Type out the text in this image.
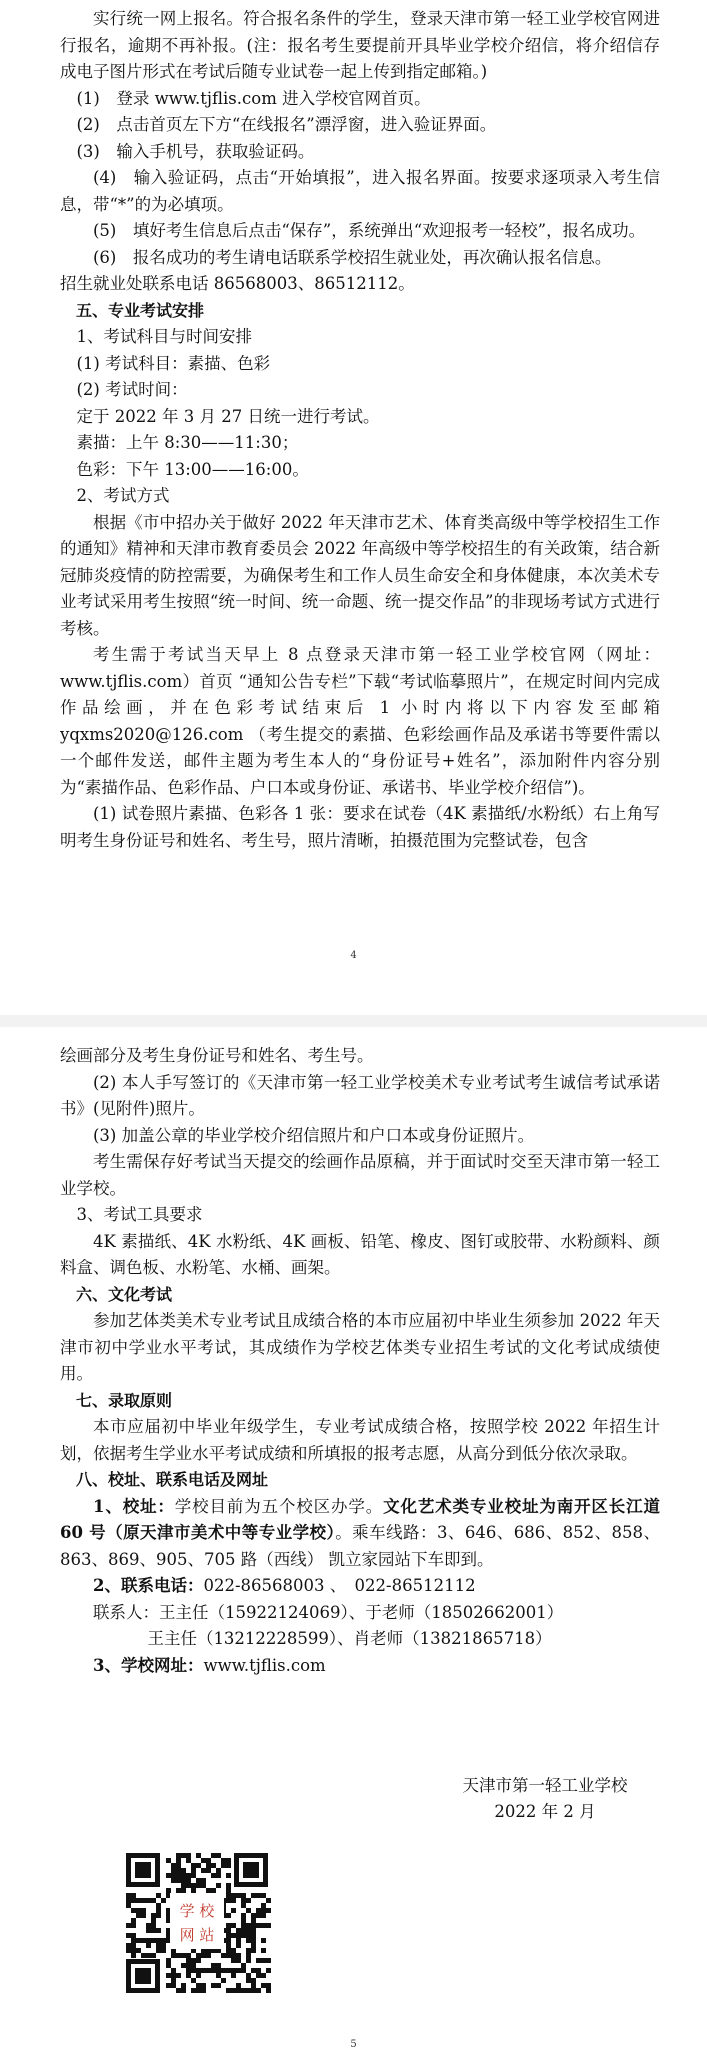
实行统一网上报名。符合报名条件的学生，登录天津市第一轻工业学校官网进行报名，逾期不再补报。(注：报名考生要提前开具毕业学校介绍信，将介绍信存成电子图片形式在考试后随专业试卷一起上传到指定邮箱。)

(1)　登录 www.tjflis.com 进入学校官网首页。

(2)　点击首页左下方“在线报名”漂浮窗，进入验证界面。

(3)　输入手机号，获取验证码。

(4)　输入验证码，点击“开始填报”，进入报名界面。按要求逐项录入考生信息，带“*”的为必填项。

(5)　填好考生信息后点击“保存”，系统弹出“欢迎报考一轻校”，报名成功。

(6)　报名成功的考生请电话联系学校招生就业处，再次确认报名信息。

招生就业处联系电话 86568003、86512112。

五、专业考试安排

1、考试科目与时间安排

(1) 考试科目：素描、色彩

(2) 考试时间：

定于 2022 年 3 月 27 日统一进行考试。

素描：上午 8:30——11:30；

色彩：下午 13:00——16:00。

2、考试方式

根据《市中招办关于做好 2022 年天津市艺术、体育类高级中等学校招生工作的通知》精神和天津市教育委员会 2022 年高级中等学校招生的有关政策，结合新冠肺炎疫情的防控需要，为确保考生和工作人员生命安全和身体健康，本次美术专业考试采用考生按照“统一时间、统一命题、统一提交作品”的非现场考试方式进行考核。

考生需于考试当天早上 8 点登录天津市第一轻工业学校官网（网址：www.tjflis.com）首页 “通知公告专栏”下载“考试临摹照片”，在规定时间内完成作品绘画，并在色彩考试结束后 1 小时内将以下内容发至邮箱 yqxms2020@126.com （考生提交的素描、色彩绘画作品及承诺书等要件需以一个邮件发送，邮件主题为考生本人的“身份证号+姓名”，添加附件内容分别为“素描作品、色彩作品、户口本或身份证、承诺书、毕业学校介绍信”)。

(1) 试卷照片素描、色彩各 1 张：要求在试卷（4K 素描纸/水粉纸）右上角写明考生身份证号和姓名、考生号，照片清晰，拍摄范围为完整试卷，包含

4

绘画部分及考生身份证号和姓名、考生号。

(2) 本人手写签订的《天津市第一轻工业学校美术专业考试考生诚信考试承诺书》(见附件)照片。

(3) 加盖公章的毕业学校介绍信照片和户口本或身份证照片。

考生需保存好考试当天提交的绘画作品原稿，并于面试时交至天津市第一轻工业学校。

3、考试工具要求

4K 素描纸、4K 水粉纸、4K 画板、铅笔、橡皮、图钉或胶带、水粉颜料、颜料盒、调色板、水粉笔、水桶、画架。

六、文化考试

参加艺体类美术专业考试且成绩合格的本市应届初中毕业生须参加 2022 年天津市初中学业水平考试，其成绩作为学校艺体类专业招生考试的文化考试成绩使用。

七、录取原则

本市应届初中毕业年级学生，专业考试成绩合格，按照学校 2022 年招生计划，依据考生学业水平考试成绩和所填报的报考志愿，从高分到低分依次录取。

八、校址、联系电话及网址

1、校址：学校目前为五个校区办学。文化艺术类专业校址为南开区长江道 60 号（原天津市美术中等专业学校）。乘车线路：3、646、686、852、858、863、869、905、705 路（西线） 凯立家园站下车即到。

2、联系电话：022-86568003 、　022-86512112

联系人：王主任（15922124069）、于老师（18502662001）

王主任（13212228599）、肖老师（13821865718）

3、学校网址：www.tjflis.com

天津市第一轻工业学校
2022 年 2 月
学 校
网 站
5
